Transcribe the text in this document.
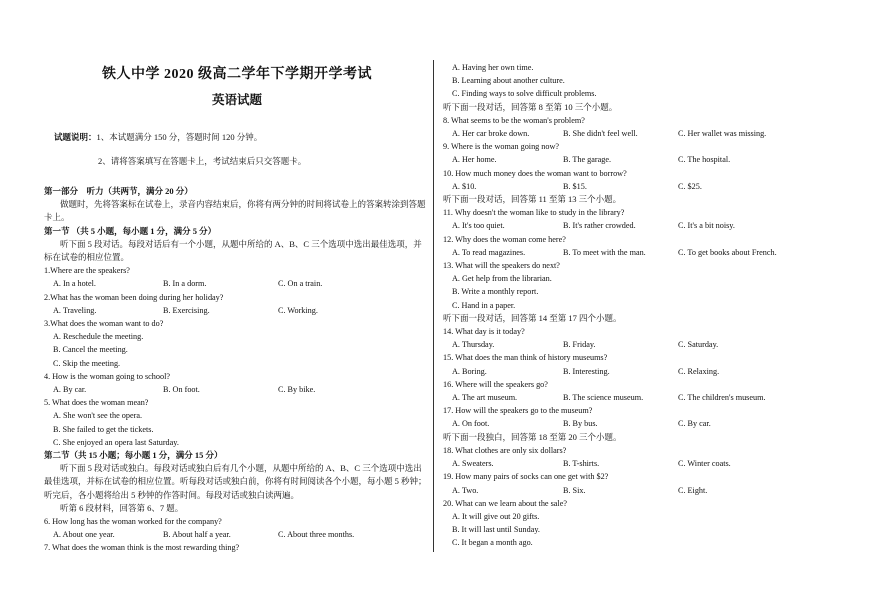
铁人中学 2020 级高二学年下学期开学考试
英语试题
试题说明：1、本试题满分 150 分，答题时间 120 分钟。
2、请将答案填写在答题卡上，考试结束后只交答题卡。
第一部分　听力（共两节，满分 20 分）
做题时，先将答案标在试卷上，录音内容结束后，你将有两分钟的时间将试卷上的答案转涂到答题卡上。
第一节 （共 5 小题，每小题 1 分，满分 5 分）
听下面 5 段对话。每段对话后有一个小题，从题中所给的 A、B、C 三个选项中选出最佳选项，并标在试卷的相应位置。
1.Where are the speakers?
A. In a hotel.	B. In a dorm.	C. On a train.
2.What has the woman been doing during her holiday?
A. Traveling.	B. Exercising.	C. Working.
3.What does the woman want to do?
A. Reschedule the meeting.
B. Cancel the meeting.
C. Skip the meeting.
4. How is the woman going to school?
A. By car.	B. On foot.	C. By bike.
5. What does the woman mean?
A. She won't see the opera.
B. She failed to get the tickets.
C. She enjoyed an opera last Saturday.
第二节（共 15 小题；每小题 1 分，满分 15 分）
听下面 5 段对话或独白。每段对话或独白后有几个小题，从题中所给的 A、B、C 三个选项中选出最佳选项，并标在试卷的相应位置。听每段对话或独白前，你将有时间阅读各个小题，每小题 5 秒钟；听完后，各小题将给出 5 秒钟的作答时间。每段对话或独白读两遍。
听第 6 段材料，回答第 6、7 题。
6. How long has the woman worked for the company?
A. About one year.	B. About half a year.	C. About three months.
7. What does the woman think is the most rewarding thing?
A. Having her own time.
B. Learning about another culture.
C. Finding ways to solve difficult problems.
听下面一段对话，回答第 8 至第 10 三个小题。
8. What seems to be the woman's problem?
A. Her car broke down.	B. She didn't feel well.	C. Her wallet was missing.
9. Where is the woman going now?
A. Her home.	B. The garage.	C. The hospital.
10. How much money does the woman want to borrow?
A. $10.	B. $15.	C. $25.
听下面一段对话，回答第 11 至第 13 三个小题。
11. Why doesn't the woman like to study in the library?
A. It's too quiet.	B. It's rather crowded.	C. It's a bit noisy.
12. Why does the woman come here?
A. To read magazines.	B. To meet with the man.	C. To get books about French.
13. What will the speakers do next?
A. Get help from the librarian.
B. Write a monthly report.
C. Hand in a paper.
听下面一段对话，回答第 14 至第 17 四个小题。
14. What day is it today?
A. Thursday.	B. Friday.	C. Saturday.
15. What does the man think of history museums?
A. Boring.	B. Interesting.	C. Relaxing.
16. Where will the speakers go?
A. The art museum.	B. The science museum.	C. The children's museum.
17. How will the speakers go to the museum?
A. On foot.	B. By bus.	C. By car.
听下面一段独白，回答第 18 至第 20 三个小题。
18. What clothes are only six dollars?
A. Sweaters.	B. T-shirts.	C. Winter coats.
19. How many pairs of socks can one get with $2?
A. Two.	B. Six.	C. Eight.
20. What can we learn about the sale?
A. It will give out 20 gifts.
B. It will last until Sunday.
C. It began a month ago.
